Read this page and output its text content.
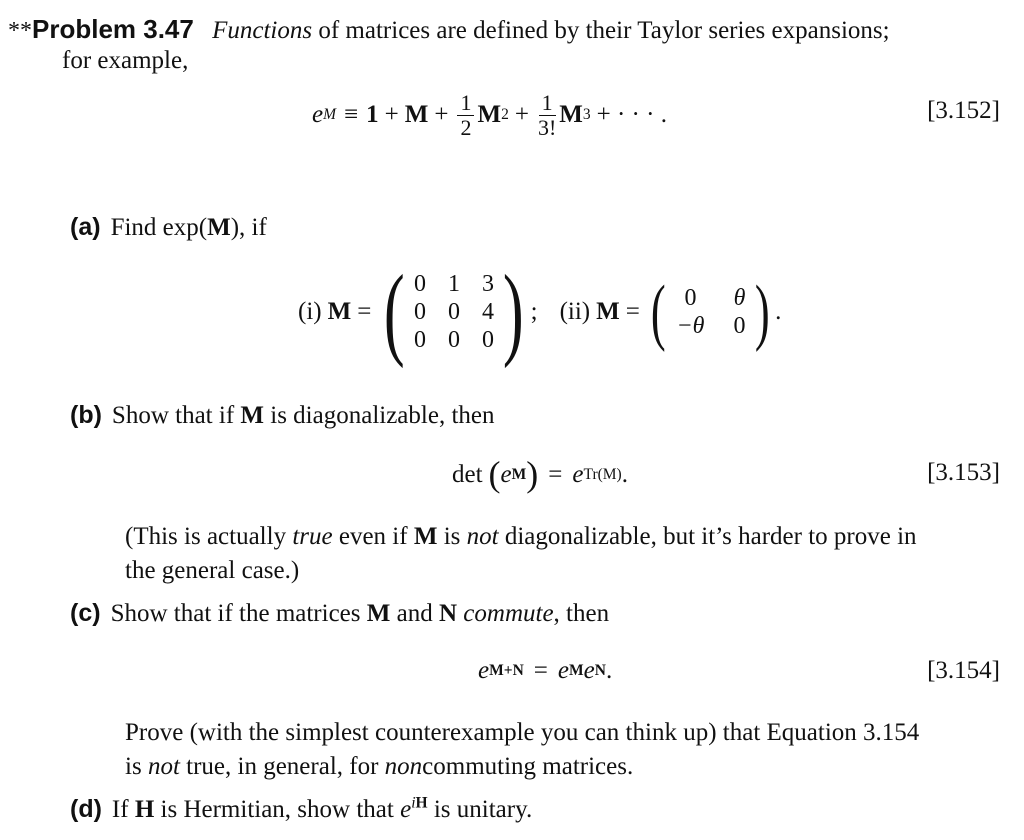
**Problem 3.47 Functions of matrices are defined by their Taylor series expansions;
for example,
e $M \equiv 1 + M + \frac{1}{2}$ M $2 + \frac{1}{3!}$ M 3 + · · · .	[3.152]
(a) Find exp(M), if
(i) M = ( 0 1 3
0 0 4
0 0 0 ) ; (ii) M = ( 0	θ
−θ 0 ) .
(b) Show that if M is diagonalizable, then
det ( e M ) = e Tr(M) .	[3.153]
(This is actually true even if M is not diagonalizable, but it’s harder to prove in
the general case.)
(c) Show that if the matrices M and N commute, then
e M+N = e M e N .	[3.154]
Prove (with the simplest counterexample you can think up) that Equation 3.154
is not true, in general, for noncommuting matrices.
(d) If H is Hermitian, show that $e^{iH}$ is unitary.
